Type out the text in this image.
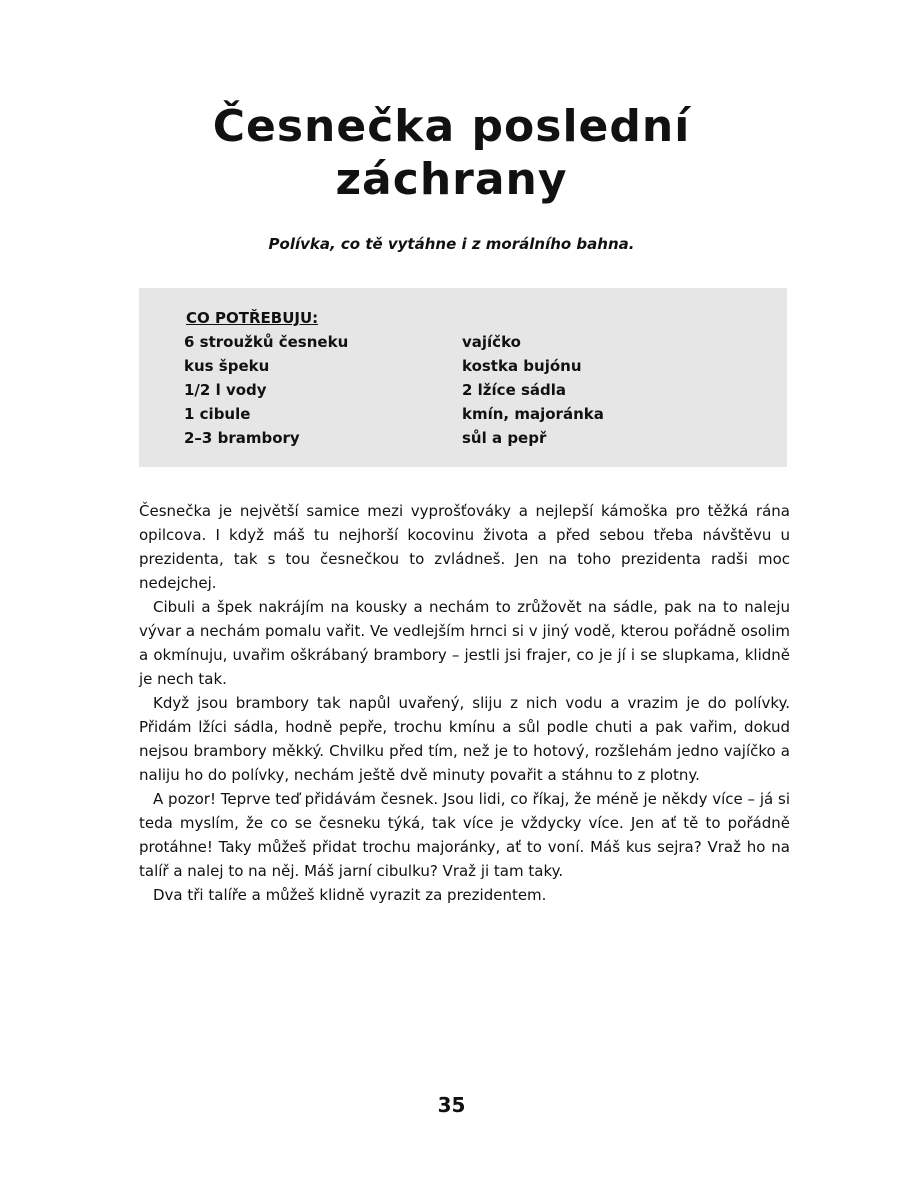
Česnečka poslední
záchrany

Polívka, co tě vytáhne i z morálního bahna.

CO POTŘEBUJU:
6 stroužků česneku
kus špeku
1/2 l vody
1 cibule
2–3 brambory
vajíčko
kostka bujónu
2 lžíce sádla
kmín, majoránka
sůl a pepř

Česnečka je největší samice mezi vyprošťováky a nejlepší kámoška pro těžká rána opilcova. I když máš tu nejhorší kocovinu života a před sebou třeba návštěvu u prezidenta, tak s tou česnečkou to zvládneš. Jen na toho prezidenta radši moc nedejchej.

Cibuli a špek nakrájím na kousky a nechám to zrůžovět na sádle, pak na to naleju vývar a nechám pomalu vařit. Ve vedlejším hrnci si v jiný vodě, kterou pořádně osolim a okmínuju, uvařim oškrábaný brambory – jestli jsi frajer, co je jí i se slupkama, klidně je nech tak.

Když jsou brambory tak napůl uvařený, sliju z nich vodu a vrazim je do polívky. Přidám lžíci sádla, hodně pepře, trochu kmínu a sůl podle chuti a pak vařim, dokud nejsou brambory měkký. Chvilku před tím, než je to hotový, rozšlehám jedno vajíčko a naliju ho do polívky, nechám ještě dvě minuty povařit a stáhnu to z plotny.

A pozor! Teprve teď přidávám česnek. Jsou lidi, co říkaj, že méně je někdy více – já si teda myslím, že co se česneku týká, tak více je vždycky více. Jen ať tě to pořádně protáhne! Taky můžeš přidat trochu majoránky, ať to voní. Máš kus sejra? Vraž ho na talíř a nalej to na něj. Máš jarní cibulku? Vraž ji tam taky.

Dva tři talíře a můžeš klidně vyrazit za prezidentem.

35
